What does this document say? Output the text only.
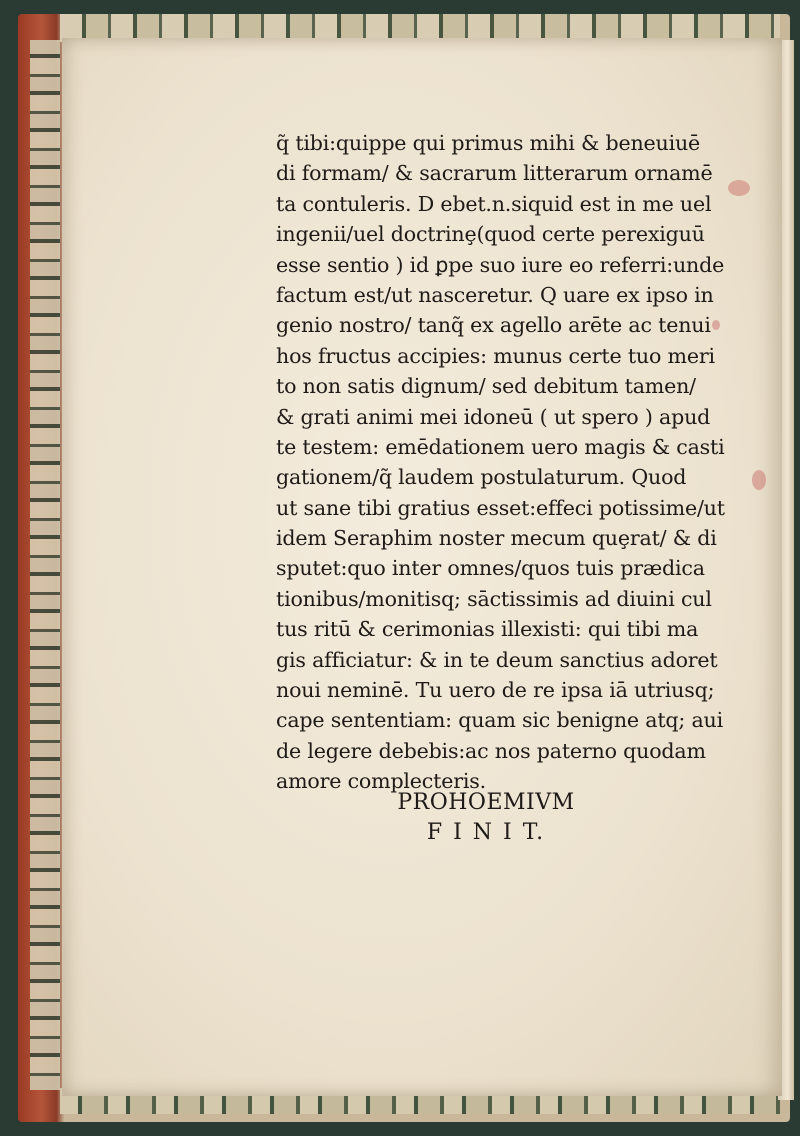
q̃ tibi:quippe qui primus mihi & beneuiuē
di formam/ & sacrarum litterarum ornamē
ta contuleris. D ebet.n.siquid est in me uel
ingenii/uel doctrinȩ(quod certe perexiguū
esse sentio ) id ꝑpe suo iure eo referri:unde
factum est/ut nasceretur. Q uare ex ipso in
genio nostro/ tanq̃ ex agello arēte ac tenui
hos fructus accipies: munus certe tuo meri
to non satis dignum/ sed debitum tamen/
& grati animi mei idoneū ( ut spero ) apud
te testem: emēdationem uero magis & casti
gationem/q̃ laudem postulaturum. Quod
ut sane tibi gratius esset:effeci potissime/ut
idem Seraphim noster mecum quȩrat/ & di
sputet:quo inter omnes/quos tuis prædica
tionibus/monitisq; sāctissimis ad diuini cul
tus ritū & cerimonias illexisti: qui tibi ma
gis afficiatur: & in te deum sanctius adoret
noui neminē. Tu uero de re ipsa iā utriusq;
cape sententiam: quam sic benigne atq; aui
de legere debebis:ac nos paterno quodam
amore complecteris.
PROHOEMIVM
F I N I T.
